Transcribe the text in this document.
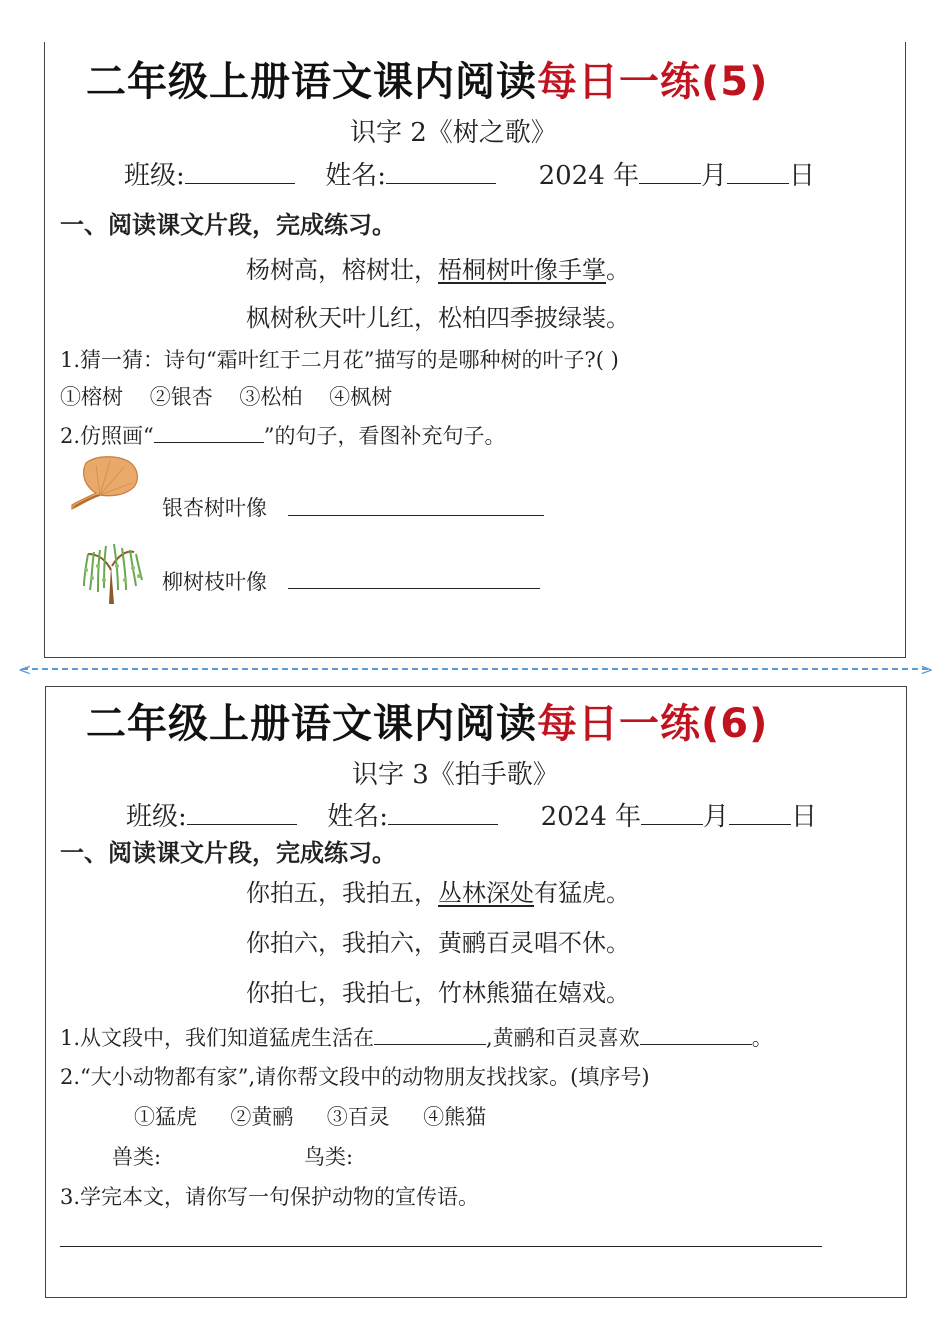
二年级上册语文课内阅读每日一练(5)
识字 2《树之歌》
班级:	姓名:	2024 年 月 日
一、阅读课文片段，完成练习。
杨树高，榕树壮，梧桐树叶像手掌。
枫树秋天叶儿红，松柏四季披绿装。
1.猜一猜：诗句“霜叶红于二月花”描写的是哪种树的叶子?( )
①榕树    ②银杏    ③松柏    ④枫树
2.仿照画“	”的句子，看图补充句子。
银杏树叶像
柳树枝叶像
<	>
二年级上册语文课内阅读每日一练(6)
识字 3《拍手歌》
班级:	姓名:	2024 年 月 日
一、阅读课文片段，完成练习。
你拍五，我拍五，丛林深处有猛虎。
你拍六，我拍六，黄鹂百灵唱不休。
你拍七，我拍七，竹林熊猫在嬉戏。
1.从文段中，我们知道猛虎生活在	,黄鹂和百灵喜欢	。
2.“大小动物都有家”,请你帮文段中的动物朋友找找家。(填序号)
①猛虎     ②黄鹂     ③百灵     ④熊猫
兽类:	鸟类:
3.学完本文，请你写一句保护动物的宣传语。
